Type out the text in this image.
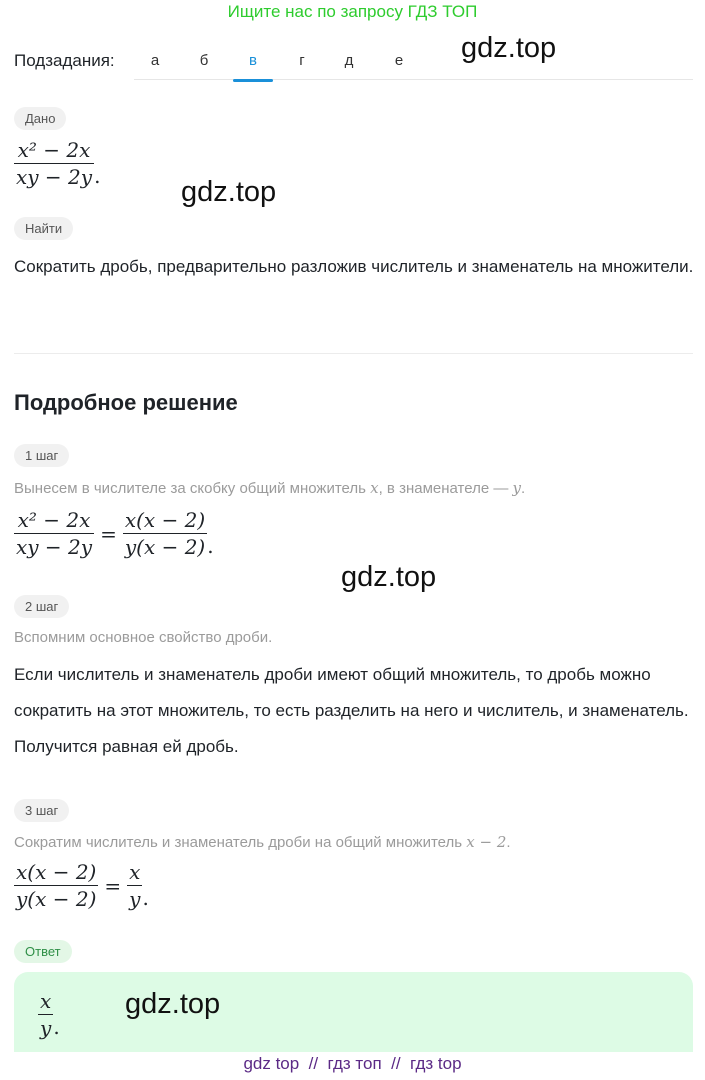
Ищите нас по запросу ГДЗ ТОП
Подзадания:	а	б	в	г	д	е	gdz.top
Дано
$\frac{\text{x² − 2x}}{xy - 2y}$ .	gdz.top
Найти
Сократить дробь, предварительно разложив числитель и знаменатель на множители.
Подробное решение
1 шаг
Вынесем в числителе за скобку общий множитель x, в знаменателе — y.
$\frac{\text{x² − 2x}}{xy - 2y} = \frac{x(x - 2)}{y(x - 2)}$ .
gdz.top
2 шаг
Вспомним основное свойство дроби.
Если числитель и знаменатель дроби имеют общий множитель, то дробь можно сократить на этот множитель, то есть разделить на него и числитель, и знаменатель. Получится равная ей дробь.
3 шаг
Сократим числитель и знаменатель дроби на общий множитель x − 2.
$\frac{x(x - 2)}{y(x - 2)} = \frac{x}{y}$ .
Ответ
$\frac{x}{y}$ .
gdz.top
gdz top  //  гдз топ  //  гдз top
